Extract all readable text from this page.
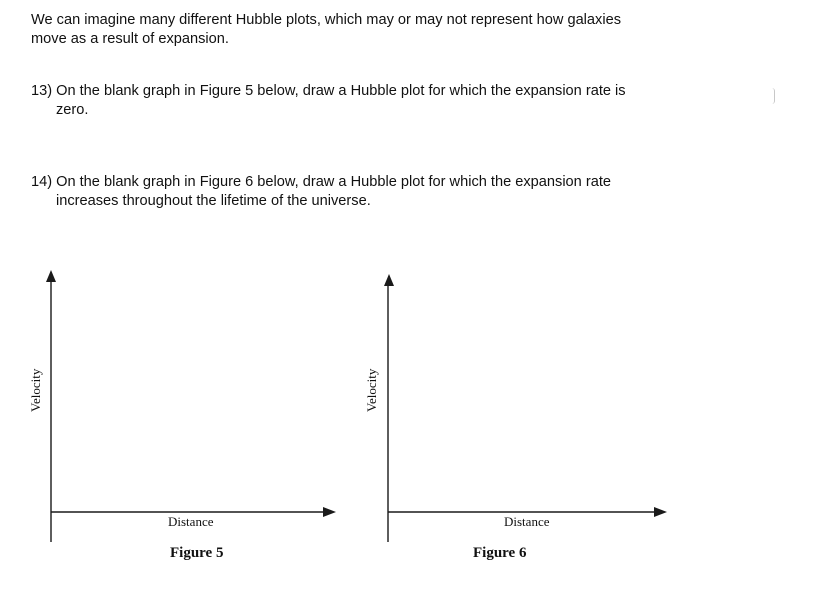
We can imagine many different Hubble plots, which may or may not represent how galaxies
move as a result of expansion.

13) On the blank graph in Figure 5 below, draw a Hubble plot for which the expansion rate is
zero.

14) On the blank graph in Figure 6 below, draw a Hubble plot for which the expansion rate
increases throughout the lifetime of the universe.

Velocity
Distance
Figure 5
Velocity
Distance
Figure 6
